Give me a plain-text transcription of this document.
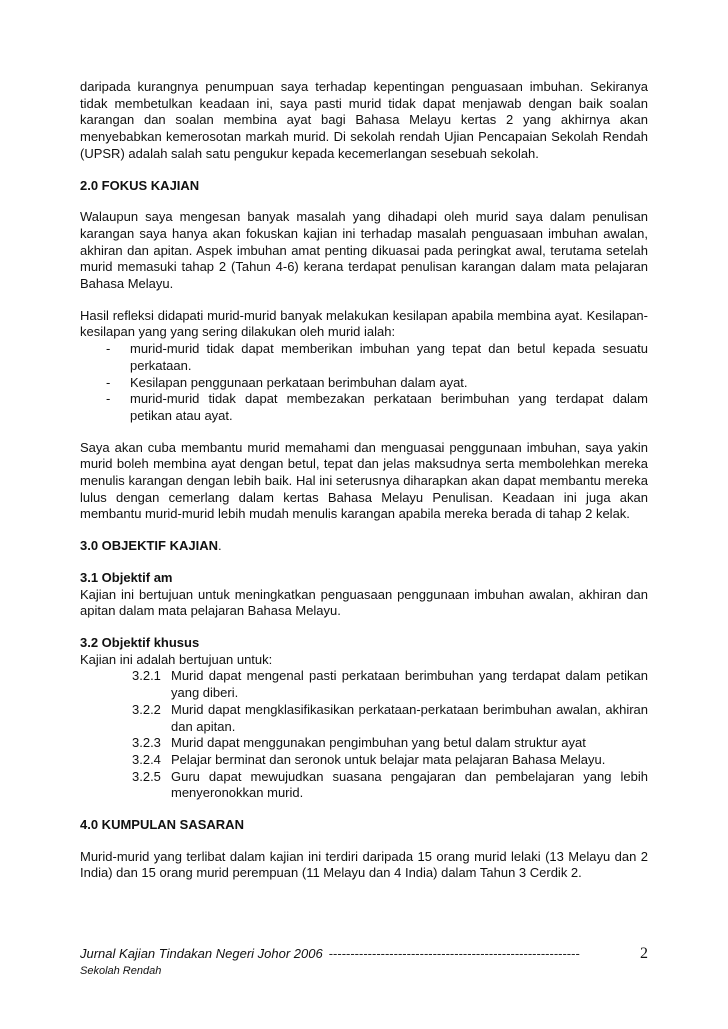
daripada kurangnya penumpuan saya terhadap kepentingan penguasaan imbuhan. Sekiranya tidak membetulkan keadaan ini, saya pasti murid tidak dapat menjawab dengan baik soalan karangan dan soalan membina ayat bagi Bahasa Melayu kertas 2 yang akhirnya akan menyebabkan kemerosotan markah murid. Di sekolah rendah Ujian Pencapaian Sekolah Rendah (UPSR) adalah salah satu pengukur kepada kecemerlangan sesebuah sekolah.

2.0 FOKUS KAJIAN

Walaupun saya mengesan banyak masalah yang dihadapi oleh murid saya dalam penulisan karangan saya hanya akan fokuskan kajian ini terhadap masalah penguasaan imbuhan awalan, akhiran dan apitan. Aspek imbuhan amat penting dikuasai pada peringkat awal, terutama setelah murid memasuki tahap 2 (Tahun 4-6) kerana terdapat penulisan karangan dalam mata pelajaran Bahasa Melayu.

Hasil refleksi didapati murid-murid banyak melakukan kesilapan apabila membina ayat. Kesilapan-kesilapan yang yang sering dilakukan oleh murid ialah:

- murid-murid tidak dapat memberikan imbuhan yang tepat dan betul kepada sesuatu perkataan.
- Kesilapan penggunaan perkataan berimbuhan dalam ayat.
- murid-murid tidak dapat membezakan perkataan berimbuhan yang terdapat dalam petikan atau ayat.

Saya akan cuba membantu murid memahami dan menguasai penggunaan imbuhan, saya yakin murid boleh membina ayat dengan betul, tepat dan jelas maksudnya serta membolehkan mereka menulis karangan dengan lebih baik. Hal ini seterusnya diharapkan akan dapat membantu mereka lulus dengan cemerlang dalam kertas Bahasa Melayu Penulisan. Keadaan ini juga akan membantu murid-murid lebih mudah menulis karangan apabila mereka berada di tahap 2 kelak.

3.0 OBJEKTIF KAJIAN.

3.1 Objektif am

Kajian ini bertujuan untuk meningkatkan penguasaan penggunaan imbuhan awalan, akhiran dan apitan dalam mata pelajaran Bahasa Melayu.

3.2 Objektif khusus

Kajian ini adalah bertujuan untuk:

3.2.1 Murid dapat mengenal pasti perkataan berimbuhan yang terdapat dalam petikan yang diberi.
3.2.2 Murid dapat mengklasifikasikan perkataan-perkataan berimbuhan awalan, akhiran dan apitan.
3.2.3 Murid dapat menggunakan pengimbuhan yang betul dalam struktur ayat
3.2.4 Pelajar berminat dan seronok untuk belajar mata pelajaran Bahasa Melayu.
3.2.5 Guru dapat mewujudkan suasana pengajaran dan pembelajaran yang lebih menyeronokkan murid.

4.0 KUMPULAN SASARAN

Murid-murid yang terlibat dalam kajian ini terdiri daripada 15 orang murid lelaki (13 Melayu dan 2 India) dan 15 orang murid perempuan (11 Melayu dan 4 India) dalam Tahun 3 Cerdik 2.

Jurnal Kajian Tindakan Negeri Johor 2006 ----------------------------------------------------------	2
Sekolah Rendah
